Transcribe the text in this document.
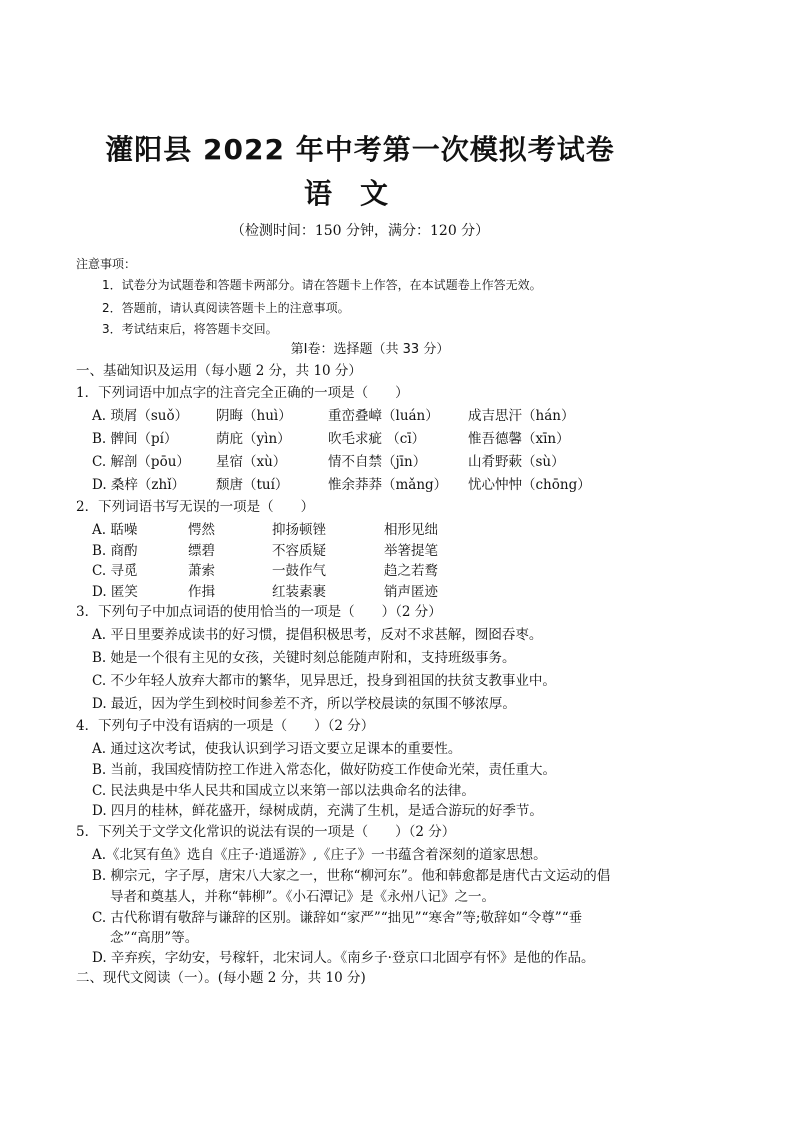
灌阳县 2022 年中考第一次模拟考试卷
语文
（检测时间：150 分钟，满分：120 分）
注意事项：
1．试卷分为试题卷和答题卡两部分。请在答题卡上作答，在本试题卷上作答无效。
2．答题前，请认真阅读答题卡上的注意事项。
3．考试结束后，将答题卡交回。
第Ⅰ卷：选择题（共 33 分）
一、基础知识及运用（每小题 2 分，共 10 分）
1．下列词语中加点字的注音完全正确的一项是（　　）
A. 琐屑（suǒ） 阴晦（huì）	重峦叠嶂（luán） 成吉思汗（hán）
B. 髀间（pí）	荫庇（yìn）	吹毛求疵 （cī）	惟吾德馨（xīn）
C. 解剖（pōu） 星宿（xù）	情不自禁（jīn）	山肴野蔌（sù）
D. 桑梓（zhǐ） 颓唐（tuí）	惟余莽莽（mǎng） 忧心忡忡（chōng）
2．下列词语书写无误的一项是（　　）
A. 聒噪	愕然	抑扬顿锉	相形见绌
B. 商酌	缥碧	不容质疑	举箸提笔
C. 寻觅	萧索	一鼓作气	趋之若鹜
D. 匿笑	作揖	红装素裹	销声匿迹
3．下列句子中加点词语的使用恰当的一项是（　　）（2 分）
A. 平日里要养成读书的好习惯，提倡积极思考，反对不求甚解，囫囵吞枣。
B. 她是一个很有主见的女孩，关键时刻总能随声附和，支持班级事务。
C. 不少年轻人放弃大都市的繁华，见异思迁，投身到祖国的扶贫支教事业中。
D. 最近，因为学生到校时间参差不齐，所以学校晨读的氛围不够浓厚。
4．下列句子中没有语病的一项是（　　）（2 分）
A. 通过这次考试，使我认识到学习语文要立足课本的重要性。
B. 当前，我国疫情防控工作进入常态化，做好防疫工作使命光荣，责任重大。
C. 民法典是中华人民共和国成立以来第一部以法典命名的法律。
D. 四月的桂林，鲜花盛开，绿树成荫，充满了生机，是适合游玩的好季节。
5．下列关于文学文化常识的说法有误的一项是（　　）（2 分）
A.《北冥有鱼》选自《庄子·逍遥游》,《庄子》一书蕴含着深刻的道家思想。
B. 柳宗元，字子厚，唐宋八大家之一，世称“柳河东”。他和韩愈都是唐代古文运动的倡
导者和奠基人，并称“韩柳”。《小石潭记》是《永州八记》之一。
C. 古代称谓有敬辞与谦辞的区别。谦辞如“家严”“拙见”“寒舍”等;敬辞如“令尊”“垂
念”“高朋”等。
D. 辛弃疾，字幼安，号稼轩，北宋词人。《南乡子·登京口北固亭有怀》是他的作品。
二、现代文阅读（一）。(每小题 2 分，共 10 分)
